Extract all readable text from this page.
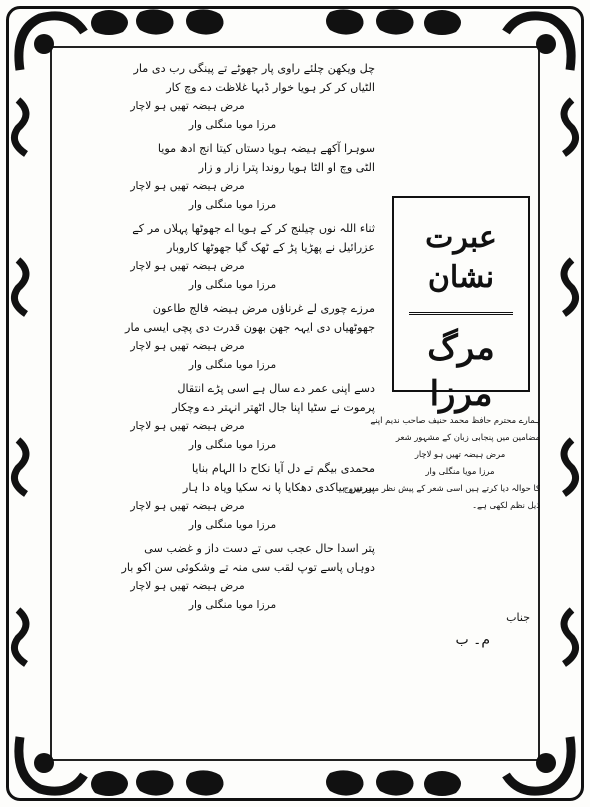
چل ویکھن چلئے راوی پار جھوٹے تے پینگی رب دی مار
الٹیاں کر کر ہویا خوار ڈبہا غلاظت دے وچ کار
مرض ہیضہ تھیں ہو لاچار
مرزا مویا منگلی وار
سوہرا آکھے ہیضہ ہویا دستاں کیتا انج ادھ مویا
الٹی وچ او الٹا ہویا روندا پترا زار و زار
مرض ہیضہ تھیں ہو لاچار
مرزا مویا منگلی وار
ثناء اللہ نوں چیلنج کر کے ہویا اے جھوٹھا پہلاں مر کے
عزرائیل نے پھڑیا پڑ کے ٹھک گیا جھوٹھا کاروبار
مرض ہیضہ تھیں ہو لاچار
مرزا مویا منگلی وار
مرزے چوری لے غرناؤں مرض ہیضہ فالج طاعون
جھوٹھیاں دی ایہہ جھن بھون قدرت دی پچی ایسی مار
مرض ہیضہ تھیں ہو لاچار
مرزا مویا منگلی وار
دسے اپنی عمر دے سال ہے اسی پڑے انتقال
پرموت نے سٹیا اپنا جال اٹھتر انہتر دے وچکار
مرض ہیضہ تھیں ہو لاچار
مرزا مویا منگلی وار
محمدی بیگم تے دل آیا نکاح دا الہام بنایا
پیرس بیاکدی دھکایا پا نہ سکیا ویاہ دا ہار
مرض ہیضہ تھیں ہو لاچار
مرزا مویا منگلی وار
پتر اسدا حال عجب سی تے دست داز و غضب سی
دوہاں پاسے توپ لقب سی منہ تے وشکوئی سن اکو بار
مرض ہیضہ تھیں ہو لاچار
مرزا مویا منگلی وار
عبرت نشان
مرگ مرزا
ہمارے محترم حافظ محمد حنیف صاحب ندیم اپنے
مضامین میں پنجابی زبان کے مشہور شعر
مرض ہیضہ تھیں ہو لاچار
مرزا مویا منگلی وار
کا حوالہ دیا کرتے ہیں اسی شعر کے پیش نظر میں نے وج
ذیل نظم لکھی ہے۔
جناب
م۔ ب
